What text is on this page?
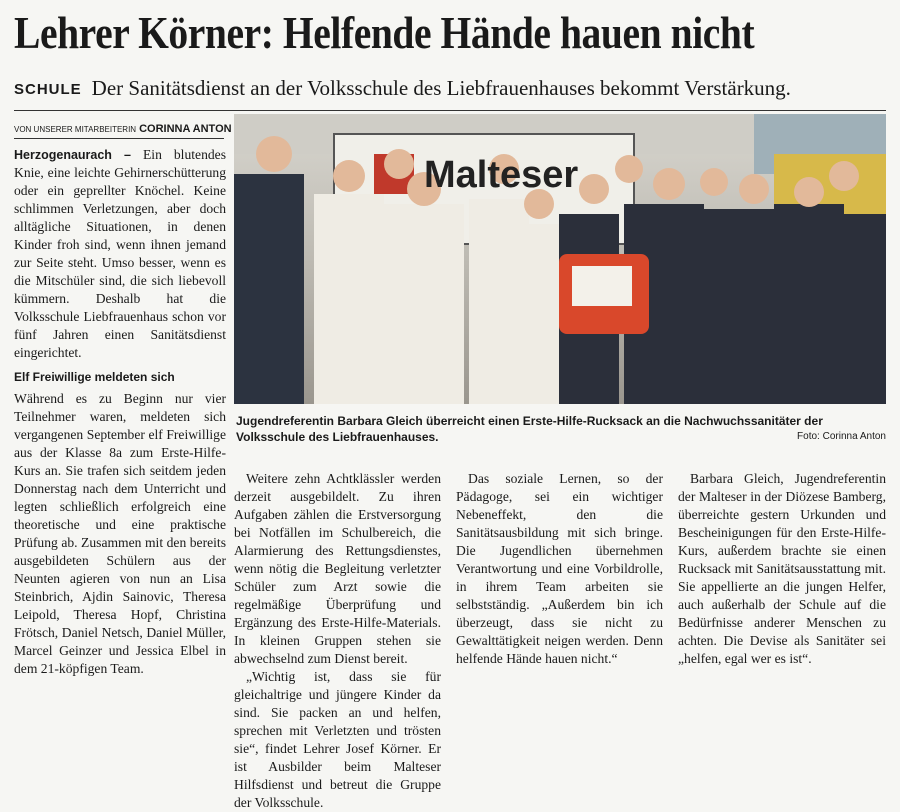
Lehrer Körner: Helfende Hände hauen nicht
SCHULE Der Sanitätsdienst an der Volksschule des Liebfrauenhauses bekommt Verstärkung.
VON UNSERER MITARBEITERIN CORINNA ANTON

Herzogenaurach – Ein blutendes Knie, eine leichte Gehirnerschütterung oder ein geprellter Knöchel. Keine schlimmen Verletzungen, aber doch alltägliche Situationen, in denen Kinder froh sind, wenn ihnen jemand zur Seite steht. Umso besser, wenn es die Mitschüler sind, die sich liebevoll kümmern. Deshalb hat die Volksschule Liebfrauenhaus schon vor fünf Jahren einen Sanitätsdienst eingerichtet.

Elf Freiwillige meldeten sich

Während es zu Beginn nur vier Teilnehmer waren, meldeten sich vergangenen September elf Freiwillige aus der Klasse 8a zum Erste-Hilfe-Kurs an. Sie trafen sich seitdem jeden Donnerstag nach dem Unterricht und legten schließlich erfolgreich eine theoretische und eine praktische Prüfung ab. Zusammen mit den bereits ausgebildeten Schülern aus der Neunten agieren von nun an Lisa Steinbrich, Ajdin Sainovic, Theresa Leipold, Theresa Hopf, Christina Frötsch, Daniel Netsch, Daniel Müller, Marcel Geinzer und Jessica Elbel in dem 21-köpfigen Team.

Malteser
Jugendreferentin Barbara Gleich überreicht einen Erste-Hilfe-Rucksack an die Nachwuchssanitäter der Volksschule des Liebfrauenhauses.	Foto: Corinna Anton

Weitere zehn Achtklässler werden derzeit ausgebildelt. Zu ihren Aufgaben zählen die Erstversorgung bei Notfällen im Schulbereich, die Alarmierung des Rettungsdienstes, wenn nötig die Begleitung verletzter Schüler zum Arzt sowie die regelmäßige Überprüfung und Ergänzung des Erste-Hilfe-Materials. In kleinen Gruppen stehen sie abwechselnd zum Dienst bereit.

„Wichtig ist, dass sie für gleichaltrige und jüngere Kinder da sind. Sie packen an und helfen, sprechen mit Verletzten und trösten sie“, findet Lehrer Josef Körner. Er ist Ausbilder beim Malteser Hilfsdienst und betreut die Gruppe der Volksschule.

Das soziale Lernen, so der Pädagoge, sei ein wichtiger Nebeneffekt, den die Sanitätsausbildung mit sich bringe. Die Jugendlichen übernehmen Verantwortung und eine Vorbildrolle, in ihrem Team arbeiten sie selbstständig. „Außerdem bin ich überzeugt, dass sie nicht zu Gewalttätigkeit neigen werden. Denn helfende Hände hauen nicht.“

Barbara Gleich, Jugendreferentin der Malteser in der Diözese Bamberg, überreichte gestern Urkunden und Bescheinigungen für den Erste-Hilfe-Kurs, außerdem brachte sie einen Rucksack mit Sanitätsausstattung mit. Sie appellierte an die jungen Helfer, auch außerhalb der Schule auf die Bedürfnisse anderer Menschen zu achten. Die Devise als Sanitäter sei „helfen, egal wer es ist“.
